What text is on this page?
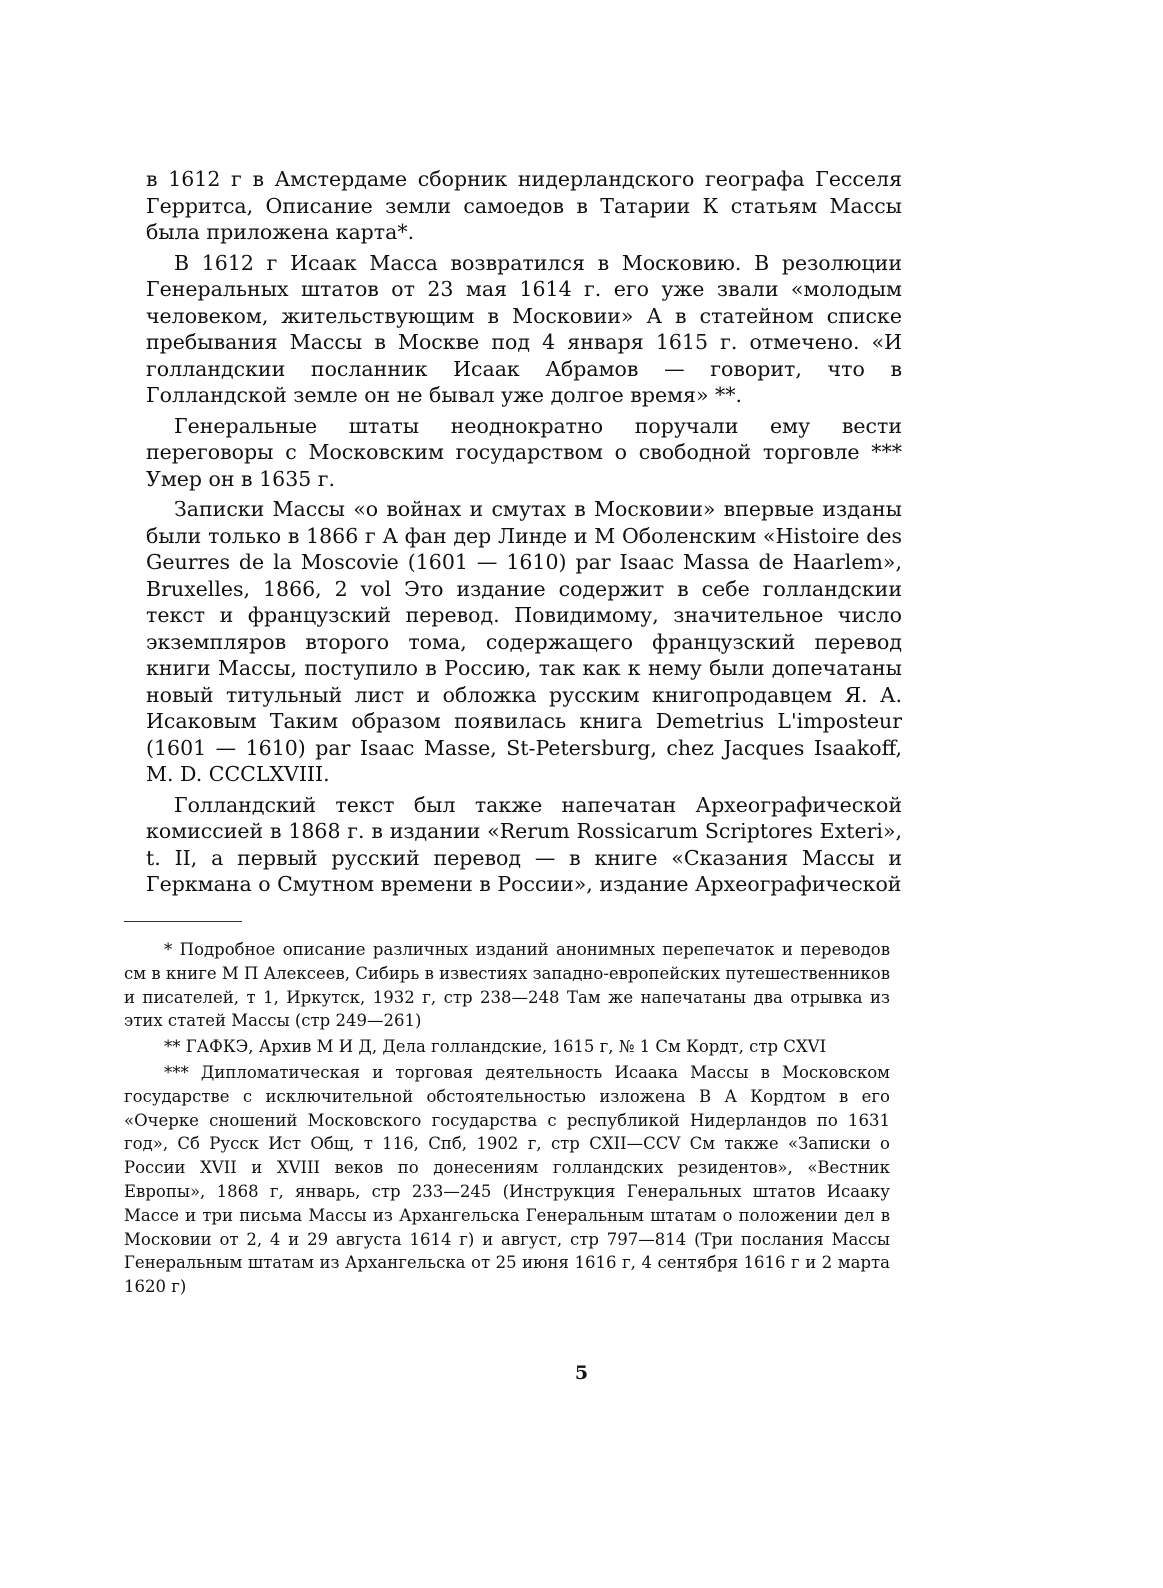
в 1612 г в Амстердаме сборник нидерландского географа Гесселя Герритса, Описание земли самоедов в Татарии К статьям Массы была приложена карта*.

В 1612 г Исаак Масса возвратился в Московию. В резолюции Генеральных штатов от 23 мая 1614 г. его уже звали «молодым человеком, жительствующим в Московии» А в статейном списке пребывания Массы в Москве под 4 января 1615 г. отмечено. «И голландскии посланник Исаак Абрамов — говорит, что в Голландской земле он не бывал уже долгое время» **.

Генеральные штаты неоднократно поручали ему вести переговоры с Московским государством о свободной торговле *** Умер он в 1635 г.

Записки Массы «о войнах и смутах в Московии» впервые изданы были только в 1866 г А фан дер Линде и М Оболенским «Histoire des Geurres de la Moscovie (1601 — 1610) par Isaac Massa de Haarlem», Bruxelles, 1866, 2 vol Это издание содержит в себе голландскии текст и французский перевод. Повидимому, значительное число экземпляров второго тома, содержащего французский перевод книги Массы, поступило в Россию, так как к нему были допечатаны новый титульный лист и обложка русским книгопродавцем Я. А. Исаковым Таким образом появилась книга Demetrius L'imposteur (1601 — 1610) par Isaac Masse, St-Petersburg, chez Jacques Isaakoff, M. D. CCCLXVIII.

Голландский текст был также напечатан Археографической комиссией в 1868 г. в издании «Rerum Rossicarum Scriptores Exteri», t. II, а первый русский перевод — в книге «Сказания Массы и Геркмана о Смутном времени в России», издание Археографической

* Подробное описание различных изданий анонимных перепечаток и переводов см в книге М П Алексеев, Сибирь в известиях западно-европейских путешественников и писателей, т 1, Иркутск, 1932 г, стр 238—248 Там же напечатаны два отрывка из этих статей Массы (стр 249—261)

** ГАФКЭ, Архив М И Д, Дела голландские, 1615 г, № 1 См Кордт, стр CXVI

*** Дипломатическая и торговая деятельность Исаака Массы в Московском государстве с исключительной обстоятельностью изложена В А Кордтом в его «Очерке сношений Московского государства с республикой Нидерландов по 1631 год», Сб Русск Ист Общ, т 116, Спб, 1902 г, стр CXII—CCV См также «Записки о России XVII и XVIII веков по донесениям голландских резидентов», «Вестник Европы», 1868 г, январь, стр 233—245 (Инструкция Генеральных штатов Исааку Массе и три письма Массы из Архангельска Генеральным штатам о положении дел в Московии от 2, 4 и 29 августа 1614 г) и август, стр 797—814 (Три послания Массы Генеральным штатам из Архангельска от 25 июня 1616 г, 4 сентября 1616 г и 2 марта 1620 г)

5
